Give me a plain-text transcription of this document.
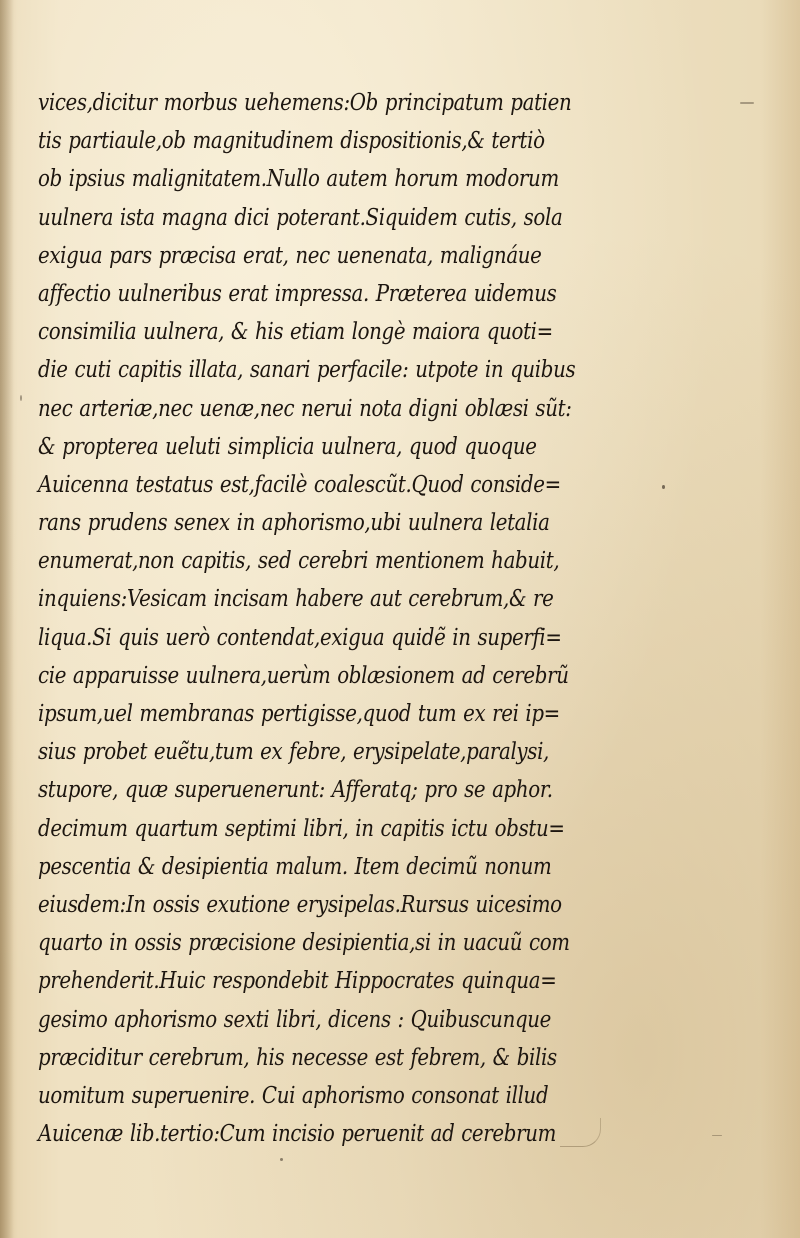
vices,dicitur morbus uehemens:Ob principatum patien
tis partiaule,ob magnitudinem dispositionis,& tertiò
ob ipsius malignitatem.Nullo autem horum modorum
uulnera ista magna dici poterant.Siquidem cutis, sola
exigua pars præcisa erat, nec uenenata, malignáue
affectio uulneribus erat impressa. Præterea uidemus
consimilia uulnera, & his etiam longè maiora quoti=
die cuti capitis illata, sanari perfacile: utpote in quibus
nec arteriæ,nec uenæ,nec nerui nota digni oblæsi sũt:
& propterea ueluti simplicia uulnera, quod quoque
Auicenna testatus est,facilè coalescũt.Quod conside=
rans prudens senex in aphorismo,ubi uulnera letalia
enumerat,non capitis, sed cerebri mentionem habuit,
inquiens:Vesicam incisam habere aut cerebrum,& re
liqua.Si quis uerò contendat,exigua quidẽ in superfi=
cie apparuisse uulnera,uerùm oblæsionem ad cerebrũ
ipsum,uel membranas pertigisse,quod tum ex rei ip=
sius probet euẽtu,tum ex febre, erysipelate,paralysi,
stupore, quæ superuenerunt: Afferatq; pro se aphor.
decimum quartum septimi libri, in capitis ictu obstu=
pescentia & desipientia malum. Item decimũ nonum
eiusdem:In ossis exutione erysipelas.Rursus uicesimo
quarto in ossis præcisione desipientia,si in uacuũ com
prehenderit.Huic respondebit Hippocrates quinqua=
gesimo aphorismo sexti libri, dicens : Quibuscunque
præciditur cerebrum, his necesse est febrem, & bilis
uomitum superuenire. Cui aphorismo consonat illud
Auicenæ lib.tertio:Cum incisio peruenit ad cerebrum
